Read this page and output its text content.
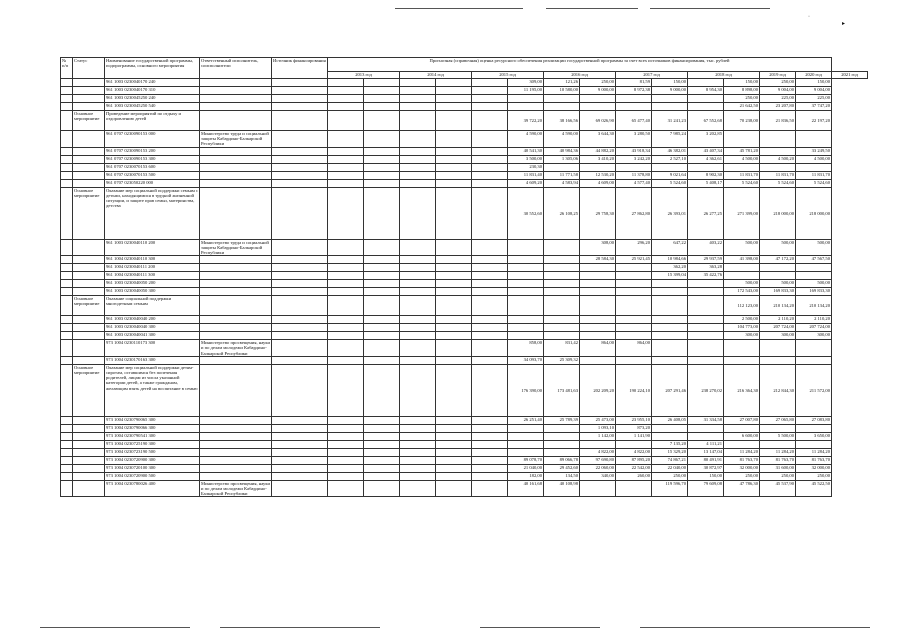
▸
·
№ п/п	Статус	Наименование государственной программы, подпрограммы, основного мероприятия	Ответственный исполнитель, соисполнители	Источник финансирования	Прогнозная (справочная) оценка ресурсного обеспечения реализации государственной программы за счет всех источников финансирования, тыс. рублей														
					2013 год		2014 год		2015 год		2016 год		2017 год		2018 год		2019 год	2020 год	2021 год
		961 1003 0230040170 240								309,00	121,26	250,00	81,59	150,00		150,00	250,00	150,00	
		961 1003 0230040170 310								11 195,00	10 580,00	9 000,00	8 972,38	9 000,00	8 954,30	8 898,00	9 004,00	9 004,00	
		961 1003 0230045250 240														250,00	225,00	225,00	
		961 1003 0230045250 540														21 642,50	23 207,80	37 747,20	
	Основное мероприятие	Проведение мероприятий по отдыху и оздоровлению детей								39 722,20	38 166,56	69 026,90	65 477,40	31 241,23	67 552,68	70 238,00	21 836,50	22 197,20	
		961 0707 0230090153 000	Министерство труда и социальной защиты Кабардино-Балкарской Республики							4 590,00	4 590,00	3 644,30	3 280,50	7 985,24	3 202,85				
		961 0707 0230090153 200								40 541,30	40 984,36	44 882,20	43 918,34	46 382,01	43 407,34	45 781,20		33 249,50	
		961 0707 0230090153 300								3 500,00	1 305,06	3 410,20	3 242,20	2 527,10	4 362,61	4 500,00	4 500,20	4 500,00	
		961 0707 0230070153 600								230,30									
		961 0707 0230070153 500								11 831,40	11 771,58	12 530,20	11 378,80	9 021,64	8 902,30	11 831,70	11 831,70	11 831,70	
		961 0707 023050220 000								4 609,20	4 583,94	4 609,00	4 577,40	5 524,60	5 408,17	5 524,60	5 524,60	5 524,60	
	Основное мероприятие	Оказание мер социальной поддержки семьям с детьми, находящимися в трудной жизненной ситуации, и защите прав семьи, материнства, детства								30 552,60	26 108,25	29 758,30	27 862,80	26 393,01	26 277,25	271 399,00	218 000,00	218 000,00	
		961 1003 0230040110 200	Министерство труда и социальной защиты Кабардино-Балкарской Республики									308,00	296,20	647,22	403,22	500,00	500,00	500,00	
		961 1004 0230040110 300										28 584,30	25 921,45	10 984,66	29 937,59	41 398,00	47 172,20	47 567,50	
		961 1004 0230040111 200												362,20	363,28				
		961 1004 0230040111 300												15 399,04	35 422,76				
		961 1003 0230040050 200														500,00	500,00	500,00	
		961 1003 0230040050 300														172 543,00	169 833,30	169 833,30	
	Основное мероприятие	Оказание социальной поддержки многодетным семьям														112 123,00	210 134,20	210 134,20	
		961 1003 0230040040 200														2 500,00	2 110,20	2 110,20	
		961 1003 0230040040 300														104 773,00	207 724,00	207 724,00	
		961 1003 0230040041 300														300,00	300,00	300,00	
		973 1004 0230110173 300	Министерство просвещения, науки и по делам молодежи Кабардино-Балкарской Республики							858,00	831,42	864,00	864,00						
		973 1004 0230170163 300								34 093,70	25 309,32								
	Основное мероприятие	Оказание мер социальной поддержки детям-сиротам, оставшимся без попечения родителей, лицам из числа указанной категории детей, а также гражданам, желающим взять детей на воспитание в семью								176 390,00	173 481,63	202 209,20	190 224,10	207 291,46	238 270,02	216 364,30	212 844,30	211 572,00	
		973 1004 0230790065 300								26 251,40	25 789,39	25 473,00	23 955,10	26 408,05	31 334,58	27 007,80	27 065,80	27 083,80	
		973 1004 0230790066 300										1 093,10	873,20						
		973 1004 0230790541 300										1 142,00	1 141,90			6 600,00	5 500,00	3 650,00	
		973 1004 0230725190 300												7 135,20	4 111,21				
		973 1004 0230723190 500										4 822,00	4 822,00	15 329,20	13 147,04	11 284,20	11 284,20	11 284,20	
		973 1004 0230720900 300								89 078,70	89 066,78	97 690,80	87 895,20	74 867,21	80 491,91	81 763,70	81 763,70	81 763,70	
		973 1004 0230720100 300								21 040,00	29 452,60	22 060,00	22 542,00	22 040,00	30 872,97	32 000,00	31 600,00	32 000,00	
		973 1004 0230720900 500								182,00	134,50	340,00	260,00	250,00	150,00	250,00	250,00	250,00	
		973 1004 0230780026 400	Министерство просвещения, науки и по делам молодежи Кабардино-Балкарской Республики							40 161,68	40 108,98			119 596,70	79 609,08	47 786,30	45 537,90	45 522,50	
